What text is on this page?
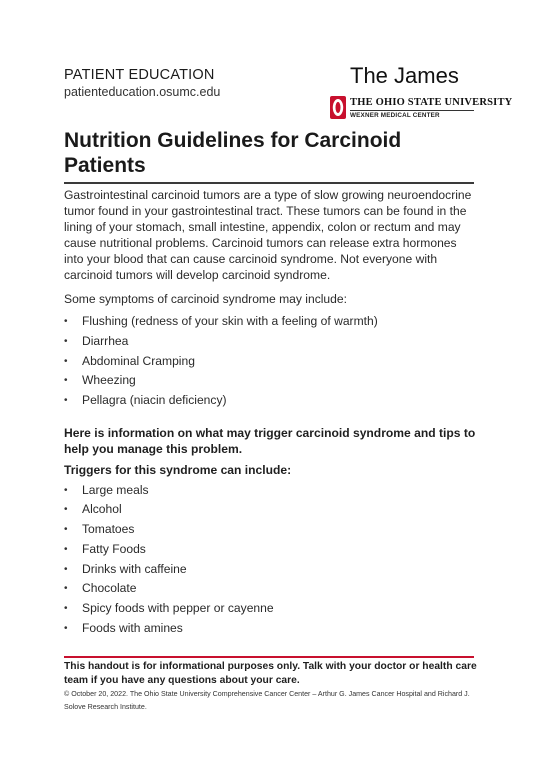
PATIENT EDUCATION
patienteducation.osumc.edu
The James
THE OHIO STATE UNIVERSITY
WEXNER MEDICAL CENTER
Nutrition Guidelines for Carcinoid Patients

Gastrointestinal carcinoid tumors are a type of slow growing neuroendocrine tumor found in your gastrointestinal tract. These tumors can be found in the lining of your stomach, small intestine, appendix, colon or rectum and may cause nutritional problems. Carcinoid tumors can release extra hormones into your blood that can cause carcinoid syndrome. Not everyone with carcinoid tumors will develop carcinoid syndrome.

Some symptoms of carcinoid syndrome may include:

• Flushing (redness of your skin with a feeling of warmth)
• Diarrhea
• Abdominal Cramping
• Wheezing
• Pellagra (niacin deficiency)

Here is information on what may trigger carcinoid syndrome and tips to help you manage this problem.

Triggers for this syndrome can include:

• Large meals
• Alcohol
• Tomatoes
• Fatty Foods
• Drinks with caffeine
• Chocolate
• Spicy foods with pepper or cayenne
• Foods with amines

This handout is for informational purposes only. Talk with your doctor or health care team if you have any questions about your care.

© October 20, 2022. The Ohio State University Comprehensive Cancer Center – Arthur G. James Cancer Hospital and Richard J. Solove Research Institute.
